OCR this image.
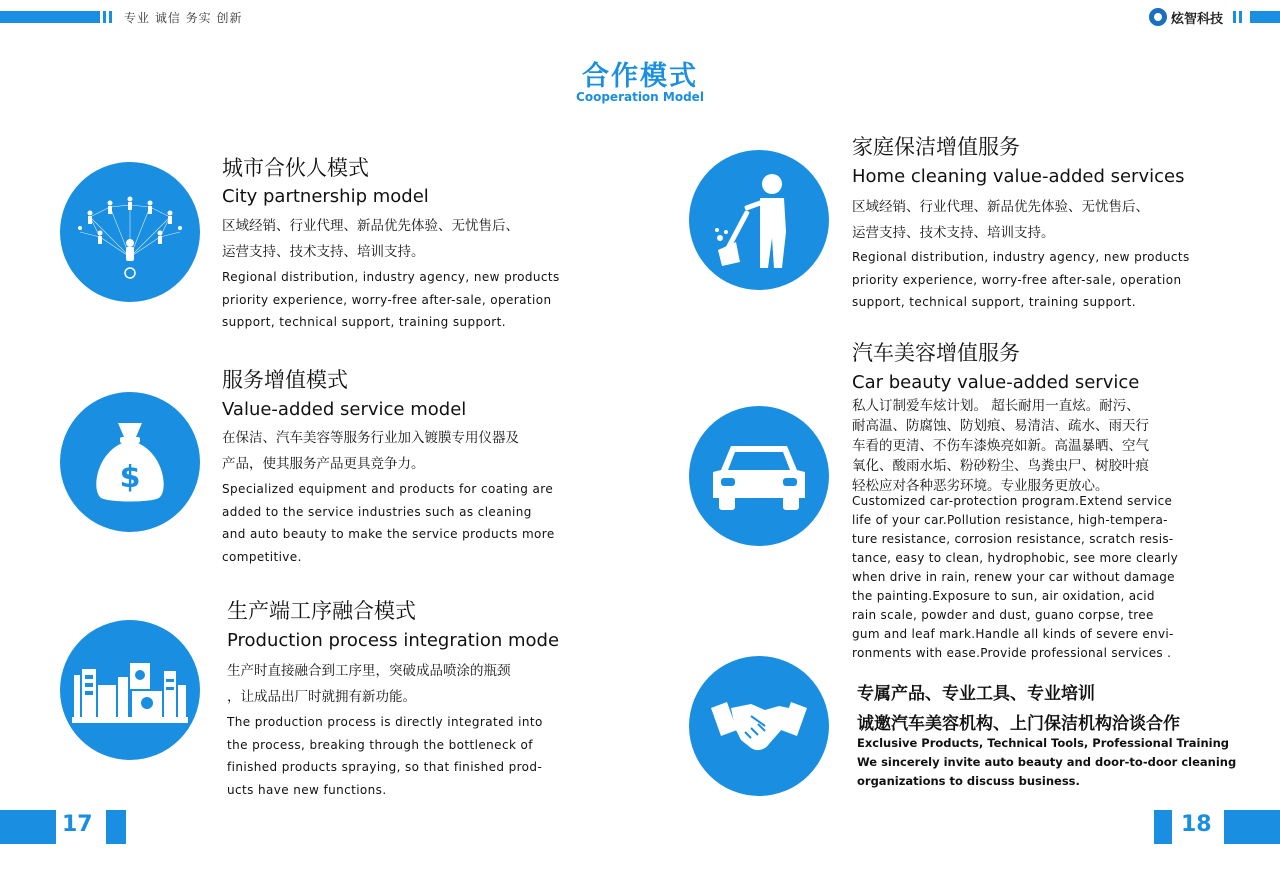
专业 诚信 务实 创新	炫智科技
合作模式
Cooperation Model
城市合伙人模式
City partnership model
区域经销、行业代理、新品优先体验、无忧售后、
运营支持、技术支持、培训支持。
Regional distribution, industry agency, new products
priority experience, worry-free after-sale, operation
support, technical support, training support.
$
服务增值模式
Value-added service model
在保洁、汽车美容等服务行业加入镀膜专用仪器及
产品，使其服务产品更具竞争力。
Specialized equipment and products for coating are
added to the service industries such as cleaning
and auto beauty to make the service products more
competitive.
生产端工序融合模式
Production process integration mode
生产时直接融合到工序里，突破成品喷涂的瓶颈
，让成品出厂时就拥有新功能。
The production process is directly integrated into
the process, breaking through the bottleneck of
finished products spraying, so that finished prod-
ucts have new functions.
家庭保洁增值服务
Home cleaning value-added services
区域经销、行业代理、新品优先体验、无忧售后、
运营支持、技术支持、培训支持。
Regional distribution, industry agency, new products
priority experience, worry-free after-sale, operation
support, technical support, training support.
汽车美容增值服务
Car beauty value-added service
私人订制爱车炫计划。 超长耐用一直炫。耐污、
耐高温、防腐蚀、防划痕、易清洁、疏水、雨天行
车看的更清、不伤车漆焕亮如新。高温暴晒、空气
氧化、酸雨水垢、粉砂粉尘、鸟粪虫尸、树胶叶痕
轻松应对各种恶劣环境。专业服务更放心。
Customized car-protection program.Extend service
life of your car.Pollution resistance, high-tempera-
ture resistance, corrosion resistance, scratch resis-
tance, easy to clean, hydrophobic, see more clearly
when drive in rain, renew your car without damage
the painting.Exposure to sun, air oxidation, acid
rain scale, powder and dust, guano corpse, tree
gum and leaf mark.Handle all kinds of severe envi-
ronments with ease.Provide professional services .
专属产品、专业工具、专业培训
诚邀汽车美容机构、上门保洁机构洽谈合作
Exclusive Products, Technical Tools, Professional Training
We sincerely invite auto beauty and door-to-door cleaning
organizations to discuss business.
17	18
